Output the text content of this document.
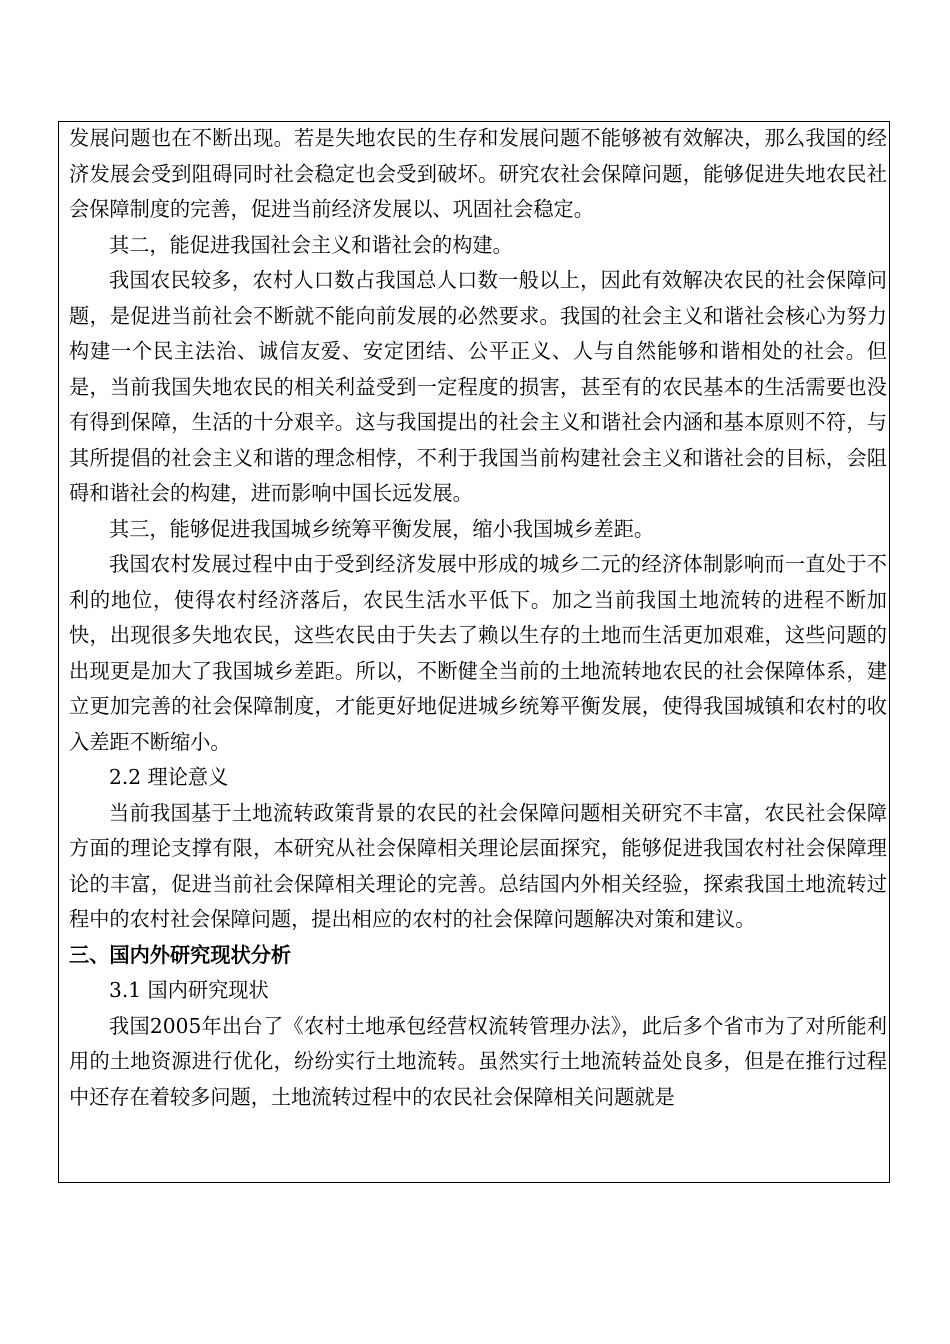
发展问题也在不断出现。若是失地农民的生存和发展问题不能够被有效解决，那么我国的经济发展会受到阻碍同时社会稳定也会受到破坏。研究农社会保障问题，能够促进失地农民社会保障制度的完善，促进当前经济发展以、巩固社会稳定。

其二，能促进我国社会主义和谐社会的构建。

我国农民较多，农村人口数占我国总人口数一般以上，因此有效解决农民的社会保障问题，是促进当前社会不断就不能向前发展的必然要求。我国的社会主义和谐社会核心为努力构建一个民主法治、诚信友爱、安定团结、公平正义、人与自然能够和谐相处的社会。但是，当前我国失地农民的相关利益受到一定程度的损害，甚至有的农民基本的生活需要也没有得到保障，生活的十分艰辛。这与我国提出的社会主义和谐社会内涵和基本原则不符，与其所提倡的社会主义和谐的理念相悖，不利于我国当前构建社会主义和谐社会的目标，会阻碍和谐社会的构建，进而影响中国长远发展。

其三，能够促进我国城乡统筹平衡发展，缩小我国城乡差距。

我国农村发展过程中由于受到经济发展中形成的城乡二元的经济体制影响而一直处于不利的地位，使得农村经济落后，农民生活水平低下。加之当前我国土地流转的进程不断加快，出现很多失地农民，这些农民由于失去了赖以生存的土地而生活更加艰难，这些问题的出现更是加大了我国城乡差距。所以，不断健全当前的土地流转地农民的社会保障体系，建立更加完善的社会保障制度，才能更好地促进城乡统筹平衡发展，使得我国城镇和农村的收入差距不断缩小。

2.2 理论意义

当前我国基于土地流转政策背景的农民的社会保障问题相关研究不丰富，农民社会保障方面的理论支撑有限，本研究从社会保障相关理论层面探究，能够促进我国农村社会保障理论的丰富，促进当前社会保障相关理论的完善。总结国内外相关经验，探索我国土地流转过程中的农村社会保障问题，提出相应的农村的社会保障问题解决对策和建议。

三、国内外研究现状分析

3.1 国内研究现状

我国2005年出台了《农村土地承包经营权流转管理办法》，此后多个省市为了对所能利用的土地资源进行优化，纷纷实行土地流转。虽然实行土地流转益处良多，但是在推行过程中还存在着较多问题，土地流转过程中的农民社会保障相关问题就是
